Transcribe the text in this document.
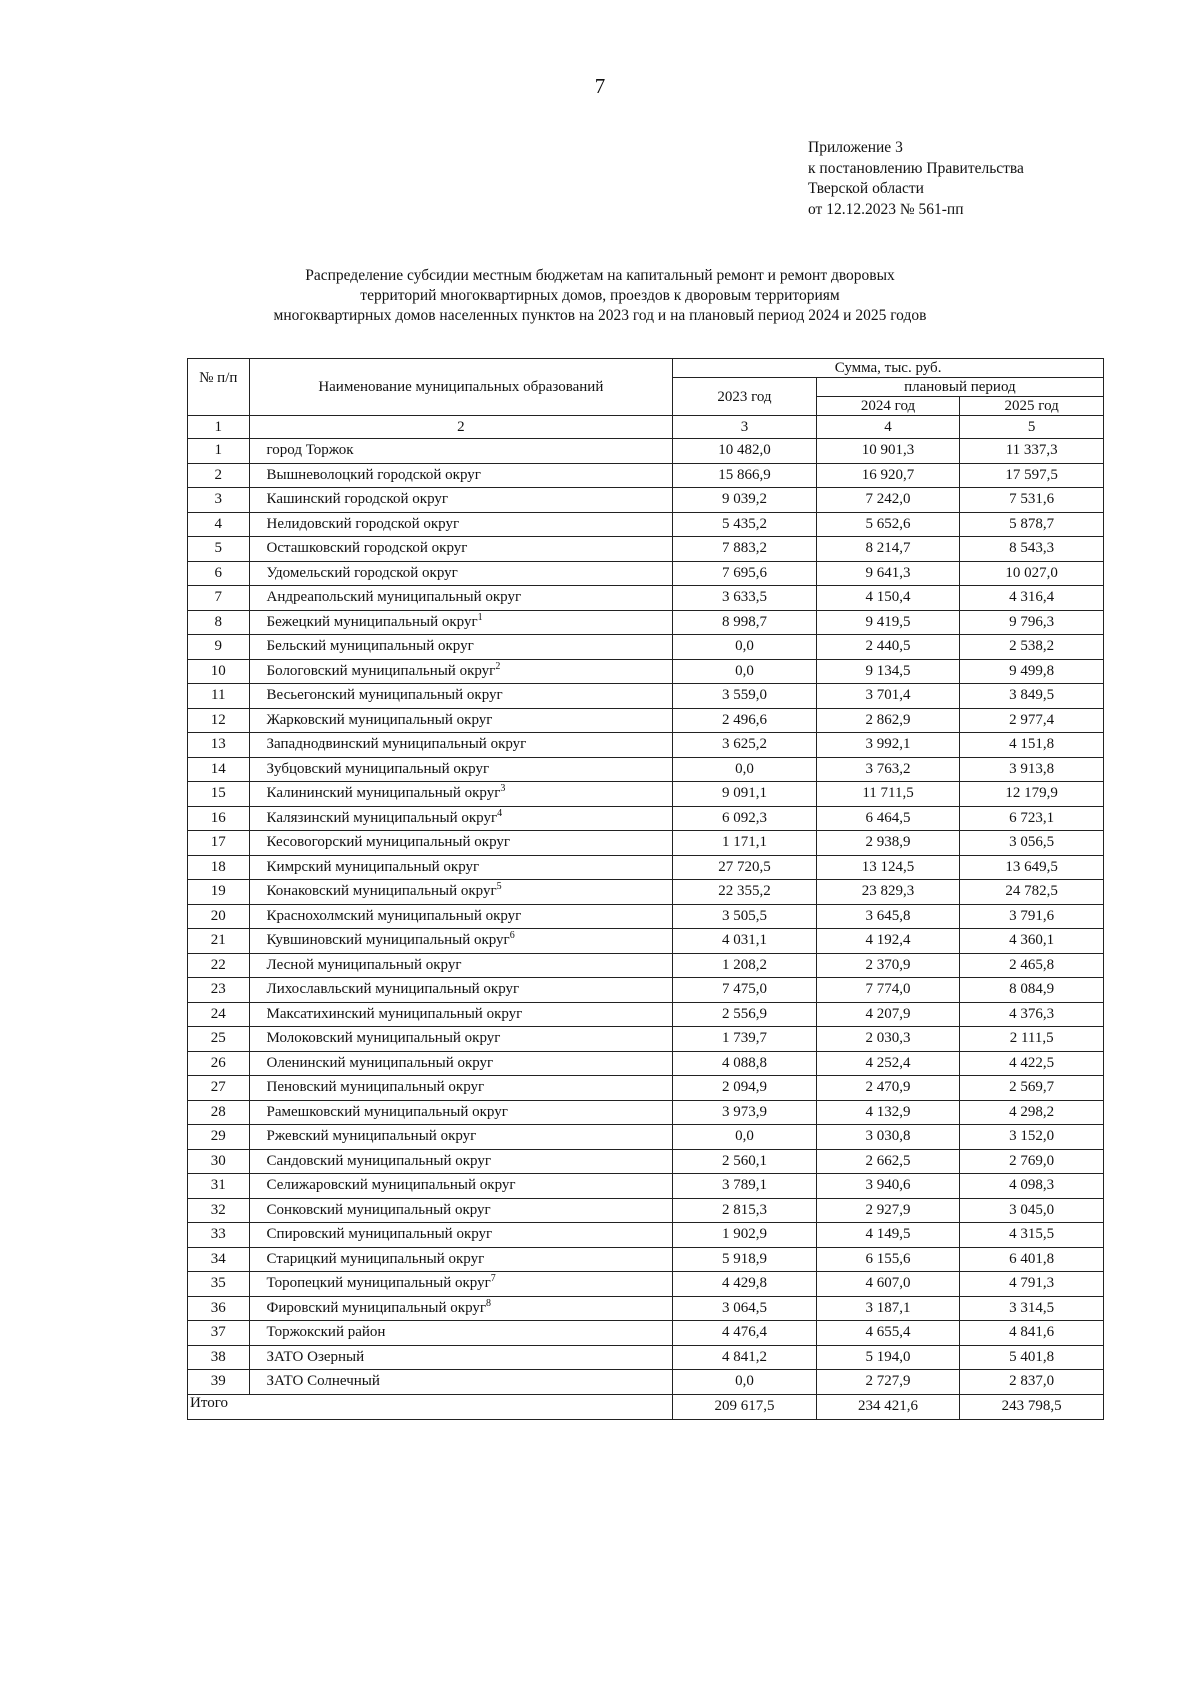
7
Приложение 3
к постановлению Правительства
Тверской области
от 12.12.2023 № 561-пп
Распределение субсидии местным бюджетам на капитальный ремонт и ремонт дворовых
территорий многоквартирных домов, проездов к дворовым территориям
многоквартирных домов населенных пунктов на 2023 год и на плановый период 2024 и 2025 годов
№ п/п	Наименование муниципальных образований	Сумма, тыс. руб.		
		2023 год	плановый период	
			2024 год	2025 год
1	2	3	4	5
1	город Торжок	10 482,0	10 901,3	11 337,3
2	Вышневолоцкий городской округ	15 866,9	16 920,7	17 597,5
3	Кашинский городской округ	9 039,2	7 242,0	7 531,6
4	Нелидовский городской округ	5 435,2	5 652,6	5 878,7
5	Осташковский городской округ	7 883,2	8 214,7	8 543,3
6	Удомельский городской округ	7 695,6	9 641,3	10 027,0
7	Андреапольский муниципальный округ	3 633,5	4 150,4	4 316,4
8	Бежецкий муниципальный округ$^1$	8 998,7	9 419,5	9 796,3
9	Бельский муниципальный округ	0,0	2 440,5	2 538,2
10	Бологовский муниципальный округ$^2$	0,0	9 134,5	9 499,8
11	Весьегонский муниципальный округ	3 559,0	3 701,4	3 849,5
12	Жарковский муниципальный округ	2 496,6	2 862,9	2 977,4
13	Западнодвинский муниципальный округ	3 625,2	3 992,1	4 151,8
14	Зубцовский муниципальный округ	0,0	3 763,2	3 913,8
15	Калининский муниципальный округ$^3$	9 091,1	11 711,5	12 179,9
16	Калязинский муниципальный округ$^4$	6 092,3	6 464,5	6 723,1
17	Кесовогорский муниципальный округ	1 171,1	2 938,9	3 056,5
18	Кимрский муниципальный округ	27 720,5	13 124,5	13 649,5
19	Конаковский муниципальный округ$^5$	22 355,2	23 829,3	24 782,5
20	Краснохолмский муниципальный округ	3 505,5	3 645,8	3 791,6
21	Кувшиновский муниципальный округ$^6$	4 031,1	4 192,4	4 360,1
22	Лесной муниципальный округ	1 208,2	2 370,9	2 465,8
23	Лихославльский муниципальный округ	7 475,0	7 774,0	8 084,9
24	Максатихинский муниципальный округ	2 556,9	4 207,9	4 376,3
25	Молоковский муниципальный округ	1 739,7	2 030,3	2 111,5
26	Оленинский муниципальный округ	4 088,8	4 252,4	4 422,5
27	Пеновский муниципальный округ	2 094,9	2 470,9	2 569,7
28	Рамешковский муниципальный округ	3 973,9	4 132,9	4 298,2
29	Ржевский муниципальный округ	0,0	3 030,8	3 152,0
30	Сандовский муниципальный округ	2 560,1	2 662,5	2 769,0
31	Селижаровский муниципальный округ	3 789,1	3 940,6	4 098,3
32	Сонковский муниципальный округ	2 815,3	2 927,9	3 045,0
33	Спировский муниципальный округ	1 902,9	4 149,5	4 315,5
34	Старицкий муниципальный округ	5 918,9	6 155,6	6 401,8
35	Торопецкий муниципальный округ$^7$	4 429,8	4 607,0	4 791,3
36	Фировский муниципальный округ$^8$	3 064,5	3 187,1	3 314,5
37	Торжокский район	4 476,4	4 655,4	4 841,6
38	ЗАТО Озерный	4 841,2	5 194,0	5 401,8
39	ЗАТО Солнечный	0,0	2 727,9	2 837,0
Итого		209 617,5	234 421,6	243 798,5
